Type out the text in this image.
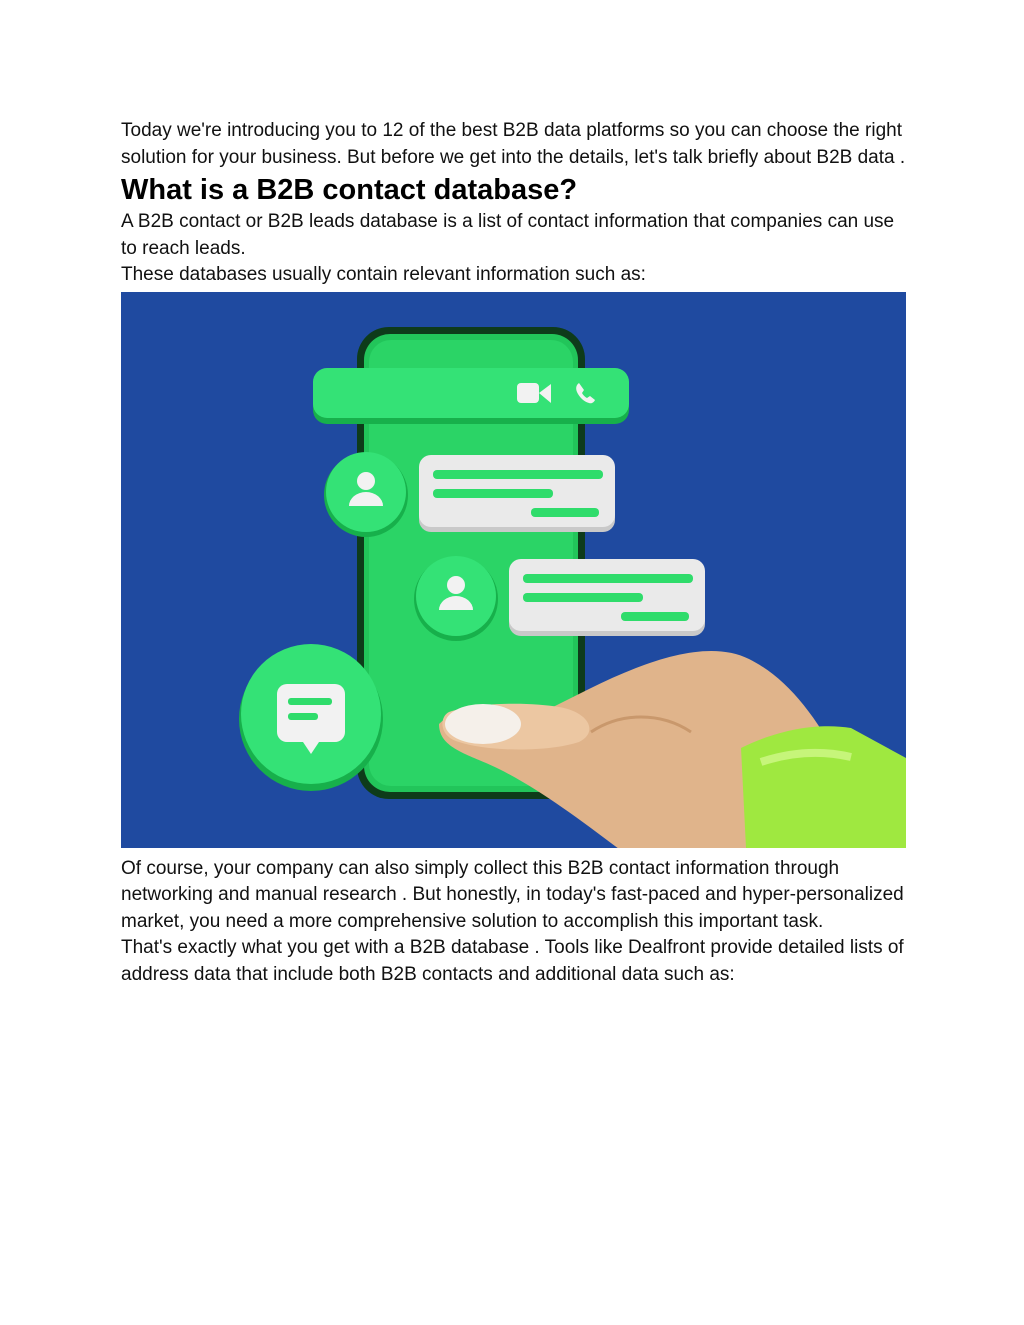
Today we're introducing you to 12 of the best B2B data platforms so you can choose the right solution for your business. But before we get into the details, let's talk briefly about B2B data .

What is a B2B contact database?

A B2B contact or B2B leads database is a list of contact information that companies can use to reach leads.

These databases usually contain relevant information such as:

Of course, your company can also simply collect this B2B contact information through networking and manual research . But honestly, in today's fast-paced and hyper-personalized market, you need a more comprehensive solution to accomplish this important task.

That's exactly what you get with a B2B database . Tools like Dealfront provide detailed lists of address data that include both B2B contacts and additional data such as:
